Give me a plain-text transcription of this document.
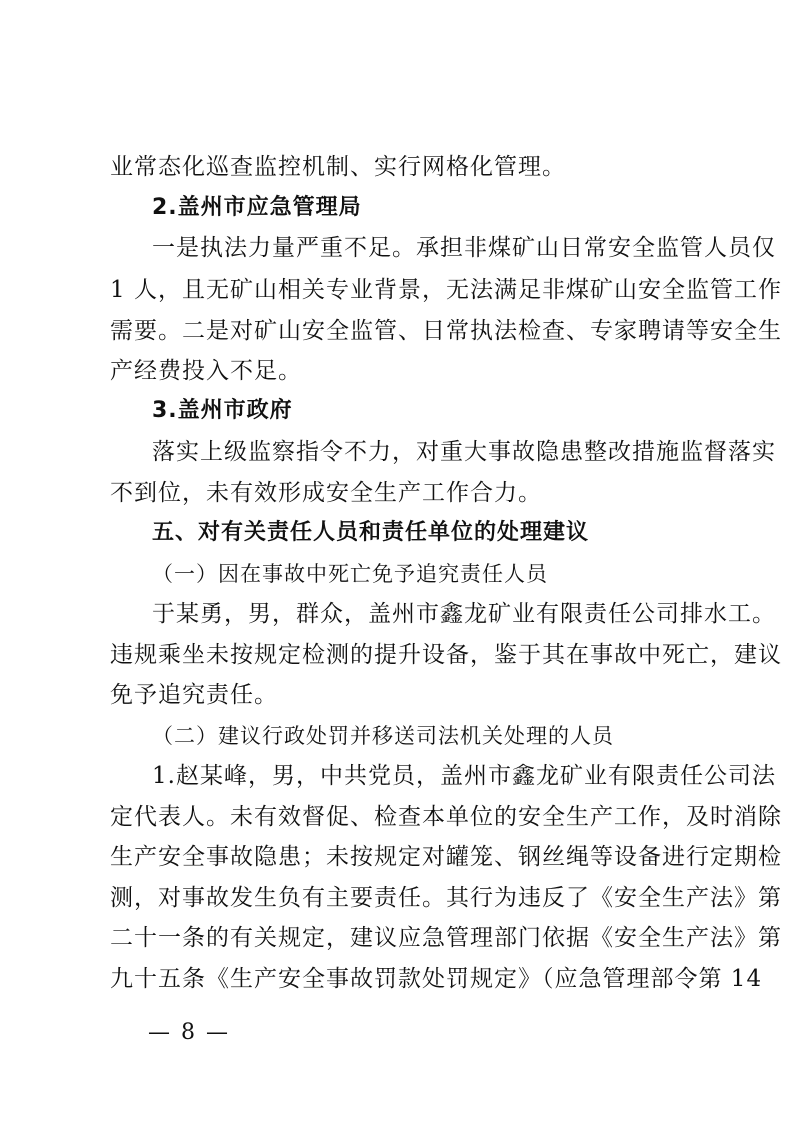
业常态化巡查监控机制、实行网格化管理。
2.盖州市应急管理局
一是执法力量严重不足。承担非煤矿山日常安全监管人员仅
1 人，且无矿山相关专业背景，无法满足非煤矿山安全监管工作
需要。二是对矿山安全监管、日常执法检查、专家聘请等安全生
产经费投入不足。
3.盖州市政府
落实上级监察指令不力，对重大事故隐患整改措施监督落实
不到位，未有效形成安全生产工作合力。
五、对有关责任人员和责任单位的处理建议
（一）因在事故中死亡免予追究责任人员
于某勇，男，群众，盖州市鑫龙矿业有限责任公司排水工。
违规乘坐未按规定检测的提升设备，鉴于其在事故中死亡，建议
免予追究责任。
（二）建议行政处罚并移送司法机关处理的人员
1.赵某峰，男，中共党员，盖州市鑫龙矿业有限责任公司法
定代表人。未有效督促、检查本单位的安全生产工作，及时消除
生产安全事故隐患；未按规定对罐笼、钢丝绳等设备进行定期检
测，对事故发生负有主要责任。其行为违反了《安全生产法》第
二十一条的有关规定，建议应急管理部门依据《安全生产法》第
九十五条《生产安全事故罚款处罚规定》（应急管理部令第 14
— 8 —
